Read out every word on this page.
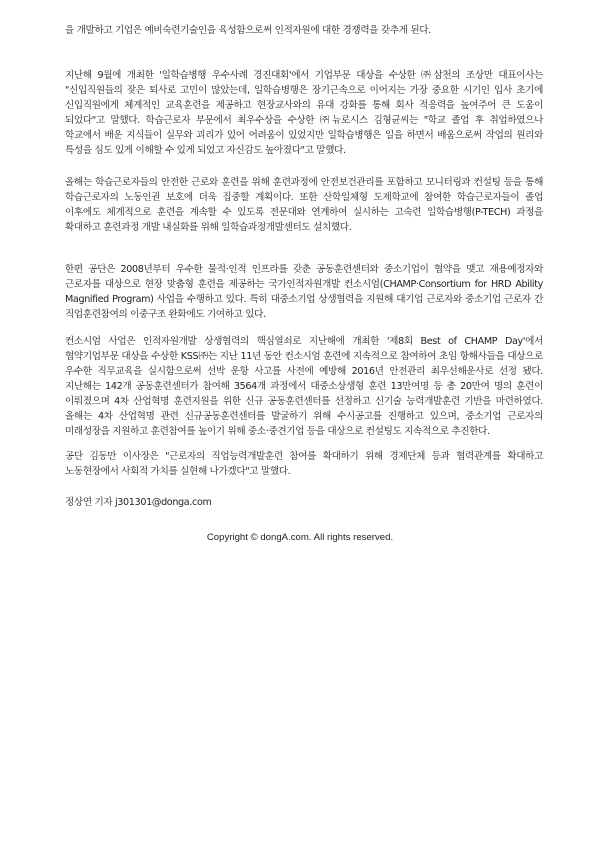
을 개발하고 기업은 예비숙련기술인을 육성함으로써 인적자원에 대한 경쟁력을 갖추게 된다.

지난해 9월에 개최한 '일학습병행 우수사례 경진대회'에서 기업부문 대상을 수상한 ㈜삼천의 조상만 대표이사는 "신입직원들의 잦은 퇴사로 고민이 많았는데, 일학습병행은 장기근속으로 이어지는 가장 중요한 시기인 입사 초기에 신입직원에게 체계적인 교육훈련을 제공하고 현장교사와의 유대 강화를 통해 회사 적응력을 높여주어 큰 도움이 되었다"고 말했다. 학습근로자 부문에서 최우수상을 수상한 ㈜뉴로시스 김형균씨는 "학교 졸업 후 취업하였으나 학교에서 배운 지식들이 실무와 괴리가 있어 어려움이 있었지만 일학습병행은 일을 하면서 배움으로써 작업의 원리와 특성을 심도 있게 이해할 수 있게 되었고 자신감도 높아졌다"고 말했다.

올해는 학습근로자들의 안전한 근로와 훈련을 위해 훈련과정에 안전보건관리를 포함하고 모니터링과 컨설팅 등을 통해 학습근로자의 노동인권 보호에 더욱 집중할 계획이다. 또한 산학일체형 도제학교에 참여한 학습근로자들이 졸업 이후에도 체계적으로 훈련을 계속할 수 있도록 전문대와 연계하여 실시하는 고숙련 일학습병행(P-TECH) 과정을 확대하고 훈련과정 개발 내실화를 위해 일학습과정개발센터도 설치했다.

한편 공단은 2008년부터 우수한 물적·인적 인프라를 갖춘 공동훈련센터와 중소기업이 협약을 맺고 재용예정자와 근로자를 대상으로 현장 맞춤형 훈련을 제공하는 국가인적자원개발 컨소시엄(CHAMP·Consortium for HRD Ability Magnified Program) 사업을 수행하고 있다. 특히 대중소기업 상생협력을 지원해 대기업 근로자와 중소기업 근로자 간 직업훈련참여의 이중구조 완화에도 기여하고 있다.

컨소시엄 사업은 인적자원개발 상생협력의 핵심열쇠로 지난해에 개최한 '제8회 Best of CHAMP Day'에서 협약기업부문 대상을 수상한 KSS㈜는 지난 11년 동안 컨소시엄 훈련에 지속적으로 참여하여 초임 항해사들을 대상으로 우수한 직무교육을 실시함으로써 선박 운항 사고를 사전에 예방해 2016년 안전관리 최우선해운사로 선정 됐다. 지난해는 142개 공동훈련센터가 참여해 3564개 과정에서 대중소상생형 훈련 13만여명 등 총 20만여 명의 훈련이 이뤄졌으며 4차 산업혁명 훈련지원을 위한 신규 공동훈련센터를 선정하고 신기술 능력개발훈련 기반을 마련하였다. 올해는 4차 산업혁명 관련 신규공동훈련센터를 발굴하기 위해 수시공고를 진행하고 있으며, 중소기업 근로자의 미래성장을 지원하고 훈련참여를 높이기 위해 중소·중견기업 등을 대상으로 컨설팅도 지속적으로 추진한다.

공단 김동만 이사장은 "근로자의 직업능력개발훈련 참여를 확대하기 위해 경제단체 등과 협력관계를 확대하고 노동현장에서 사회적 가치를 실현해 나가겠다"고 말했다.

정상연 기자 j301301@donga.com

Copyright © dongA.com. All rights reserved.
